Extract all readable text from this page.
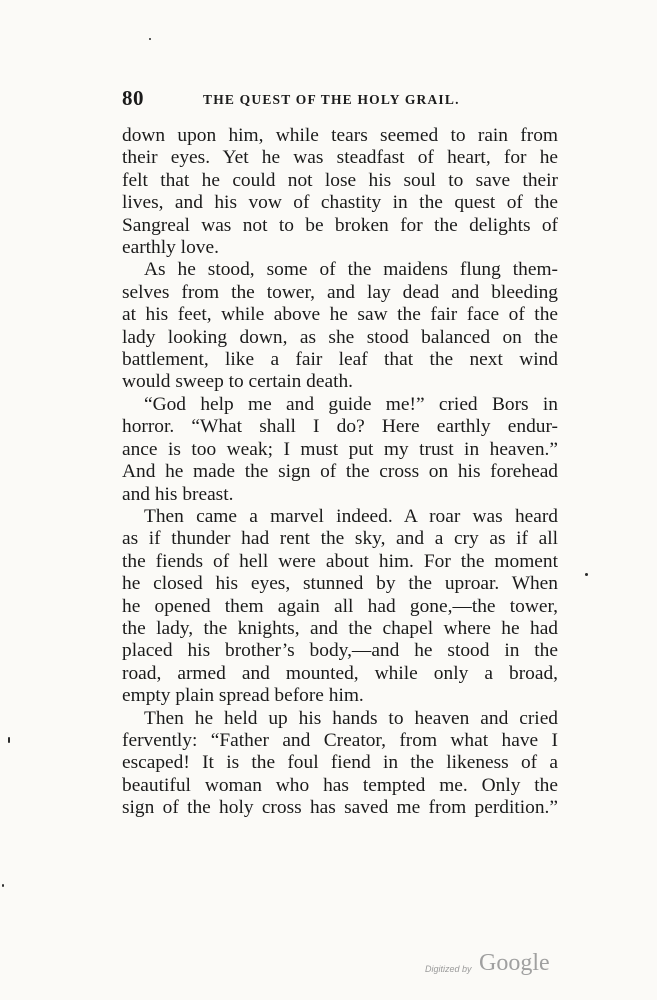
80	THE QUEST OF THE HOLY GRAIL.
down upon him, while tears seemed to rain from
their eyes. Yet he was steadfast of heart, for he
felt that he could not lose his soul to save their
lives, and his vow of chastity in the quest of the
Sangreal was not to be broken for the delights of
earthly love.
As he stood, some of the maidens flung them-
selves from the tower, and lay dead and bleeding
at his feet, while above he saw the fair face of the
lady looking down, as she stood balanced on the
battlement, like a fair leaf that the next wind
would sweep to certain death.
“God help me and guide me!” cried Bors in
horror. “What shall I do? Here earthly endur-
ance is too weak; I must put my trust in heaven.”
And he made the sign of the cross on his forehead
and his breast.
Then came a marvel indeed. A roar was heard
as if thunder had rent the sky, and a cry as if all
the fiends of hell were about him. For the moment
he closed his eyes, stunned by the uproar. When
he opened them again all had gone,—the tower,
the lady, the knights, and the chapel where he had
placed his brother’s body,—and he stood in the
road, armed and mounted, while only a broad,
empty plain spread before him.
Then he held up his hands to heaven and cried
fervently: “Father and Creator, from what have I
escaped! It is the foul fiend in the likeness of a
beautiful woman who has tempted me. Only the
sign of the holy cross has saved me from perdition.”
Digitized by Google
